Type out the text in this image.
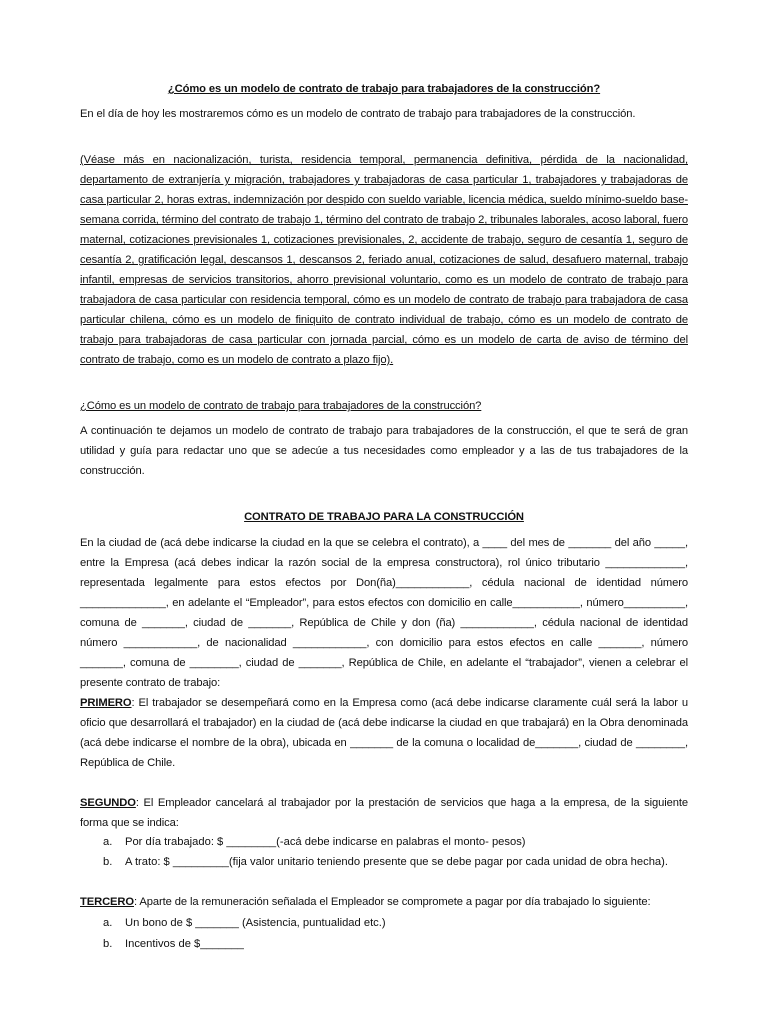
¿Cómo es un modelo de contrato de trabajo para trabajadores de la construcción?
En el día de hoy les mostraremos cómo es un modelo de contrato de trabajo para trabajadores de la construcción.
(Véase más en nacionalización, turista, residencia temporal, permanencia definitiva, pérdida de la nacionalidad, departamento de extranjería y migración, trabajadores y trabajadoras de casa particular 1, trabajadores y trabajadoras de casa particular 2, horas extras, indemnización por despido con sueldo variable, licencia médica, sueldo mínimo-sueldo base-semana corrida, término del contrato de trabajo 1, término del contrato de trabajo 2, tribunales laborales, acoso laboral, fuero maternal, cotizaciones previsionales 1, cotizaciones previsionales, 2, accidente de trabajo, seguro de cesantía 1, seguro de cesantía 2, gratificación legal, descansos 1, descansos 2, feriado anual, cotizaciones de salud, desafuero maternal, trabajo infantil, empresas de servicios transitorios, ahorro previsional voluntario, como es un modelo de contrato de trabajo para trabajadora de casa particular con residencia temporal, cómo es un modelo de contrato de trabajo para trabajadora de casa particular chilena, cómo es un modelo de finiquito de contrato individual de trabajo, cómo es un modelo de contrato de trabajo para trabajadoras de casa particular con jornada parcial, cómo es un modelo de carta de aviso de término del contrato de trabajo, como es un modelo de contrato a plazo fijo).
¿Cómo es un modelo de contrato de trabajo para trabajadores de la construcción?
A continuación te dejamos un modelo de contrato de trabajo para trabajadores de la construcción, el que te será de gran utilidad y guía para redactar uno que se adecúe a tus necesidades como empleador y a las de tus trabajadores de la construcción.
CONTRATO DE TRABAJO PARA LA CONSTRUCCIÓN
En la ciudad de (acá debe indicarse la ciudad en la que se celebra el contrato), a ____ del mes de _______ del año _____, entre la Empresa (acá debes indicar la razón social de la empresa constructora), rol único tributario _____________, representada legalmente para estos efectos por Don(ña)____________, cédula nacional de identidad número ______________, en adelante el “Empleador”, para estos efectos con domicilio en calle___________, número__________, comuna de _______, ciudad de _______, República de Chile y don (ña) ____________, cédula nacional de identidad número ____________, de nacionalidad ____________, con domicilio para estos efectos en calle _______, número _______, comuna de ________, ciudad de _______, República de Chile, en adelante el “trabajador”, vienen a celebrar el presente contrato de trabajo:
PRIMERO: El trabajador se desempeñará como en la Empresa como (acá debe indicarse claramente cuál será la labor u oficio que desarrollará el trabajador) en la ciudad de (acá debe indicarse la ciudad en que trabajará) en la Obra denominada (acá debe indicarse el nombre de la obra), ubicada en _______ de la comuna o localidad de_______, ciudad de ________, República de Chile.
SEGUNDO: El Empleador cancelará al trabajador por la prestación de servicios que haga a la empresa, de la siguiente forma que se indica:
a. Por día trabajado: $ ________(-acá debe indicarse en palabras el monto- pesos)
b. A trato: $ _________(fija valor unitario teniendo presente que se debe pagar por cada unidad de obra hecha).
TERCERO: Aparte de la remuneración señalada el Empleador se compromete a pagar por día trabajado lo siguiente:
a. Un bono de $ _______ (Asistencia, puntualidad etc.)
b. Incentivos de $_______
